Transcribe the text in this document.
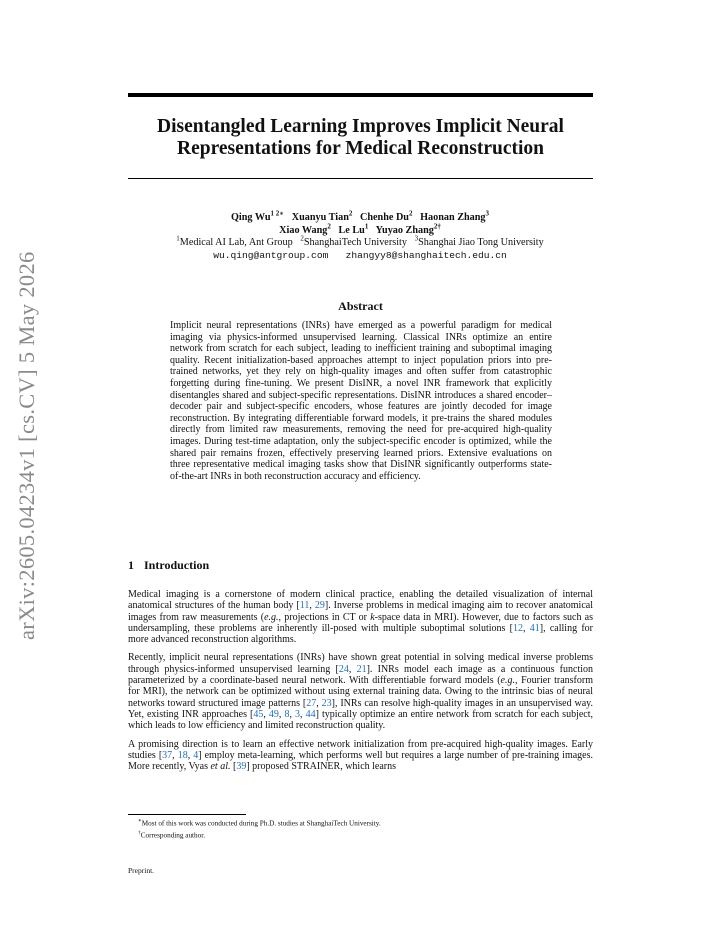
arXiv:2605.04234v1 [cs.CV] 5 May 2026
Disentangled Learning Improves Implicit Neural Representations for Medical Reconstruction
Qing $Wu^{1 2∗}$ Xuanyu Tian$^2$ Chenhe Du$^2$ Haonan Zhang$^3$
Xiao Wang$^2$ Le Lu$^1$ Yuyao Zhang$^{2\dagger}$
$^1$Medical AI Lab, Ant Group $^2$ShanghaiTech University $^3$Shanghai Jiao Tong University
wu.qing@antgroup.com   zhangyy8@shanghaitech.edu.cn
Abstract
Implicit neural representations (INRs) have emerged as a powerful paradigm for medical imaging via physics-informed unsupervised learning. Classical INRs optimize an entire network from scratch for each subject, leading to inefficient training and suboptimal imaging quality. Recent initialization-based approaches attempt to inject population priors into pre-trained networks, yet they rely on high-quality images and often suffer from catastrophic forgetting during fine-tuning. We present DisINR, a novel INR framework that explicitly disentangles shared and subject-specific representations. DisINR introduces a shared encoder–decoder pair and subject-specific encoders, whose features are jointly decoded for image reconstruction. By integrating differentiable forward models, it pre-trains the shared modules directly from limited raw measurements, removing the need for pre-acquired high-quality images. During test-time adaptation, only the subject-specific encoder is optimized, while the shared pair remains frozen, effectively preserving learned priors. Extensive evaluations on three representative medical imaging tasks show that DisINR significantly outperforms state-of-the-art INRs in both reconstruction accuracy and efficiency.
1 Introduction

Medical imaging is a cornerstone of modern clinical practice, enabling the detailed visualization of internal anatomical structures of the human body [11, 29]. Inverse problems in medical imaging aim to recover anatomical images from raw measurements (e.g., projections in CT or k-space data in MRI). However, due to factors such as undersampling, these problems are inherently ill-posed with multiple suboptimal solutions [12, 41], calling for more advanced reconstruction algorithms.

Recently, implicit neural representations (INRs) have shown great potential in solving medical inverse problems through physics-informed unsupervised learning [24, 21]. INRs model each image as a continuous function parameterized by a coordinate-based neural network. With differentiable forward models (e.g., Fourier transform for MRI), the network can be optimized without using external training data. Owing to the intrinsic bias of neural networks toward structured image patterns [27, 23], INRs can resolve high-quality images in an unsupervised way. Yet, existing INR approaches [45, 49, 8, 3, 44] typically optimize an entire network from scratch for each subject, which leads to low efficiency and limited reconstruction quality.

A promising direction is to learn an effective network initialization from pre-acquired high-quality images. Early studies [37, 18, 4] employ meta-learning, which performs well but requires a large number of pre-training images. More recently, Vyas et al. [39] proposed STRAINER, which learns

∗Most of this work was conducted during Ph.D. studies at ShanghaiTech University.
†Corresponding author.
Preprint.
